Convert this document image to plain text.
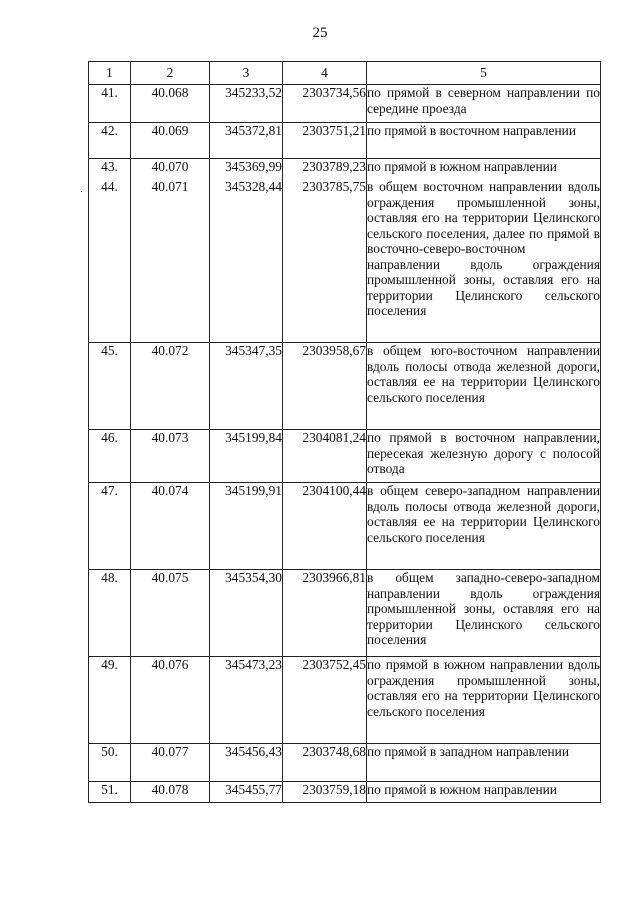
25
1	2	3	4	5
41.	40.068	345233,52	2303734,56	по прямой в северном направлении по середине проезда
42.	40.069	345372,81	2303751,21	по прямой в восточном направлении
43.	40.070	345369,99	2303789,23	по прямой в южном направлении
44.	40.071	345328,44	2303785,75	в общем восточном направлении вдоль ограждения промышленной зоны, оставляя его на территории Целинского сельского поселения, далее по прямой в восточно-северо-восточном направлении вдоль ограждения промышленной зоны, оставляя его на территории Целинского сельского поселения
45.	40.072	345347,35	2303958,67	в общем юго-восточном направлении вдоль полосы отвода железной дороги, оставляя ее на территории Целинского сельского поселения
46.	40.073	345199,84	2304081,24	по прямой в восточном направлении, пересекая железную дорогу с полосой отвода
47.	40.074	345199,91	2304100,44	в общем северо-западном направлении вдоль полосы отвода железной дороги, оставляя ее на территории Целинского сельского поселения
48.	40.075	345354,30	2303966,81	в общем западно-северо-западном направлении вдоль ограждения промышленной зоны, оставляя его на территории Целинского сельского поселения
49.	40.076	345473,23	2303752,45	по прямой в южном направлении вдоль ограждения промышленной зоны, оставляя его на территории Целинского сельского поселения
50.	40.077	345456,43	2303748,68	по прямой в западном направлении
51.	40.078	345455,77	2303759,18	по прямой в южном направлении
